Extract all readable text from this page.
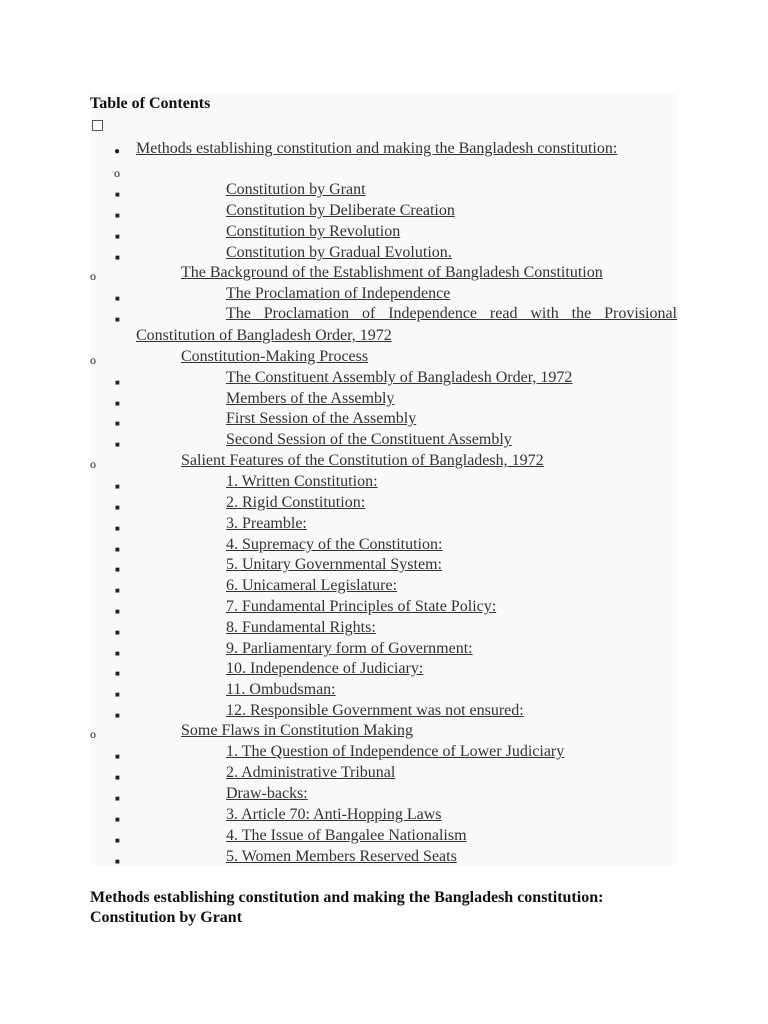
Table of Contents
● Methods establishing constitution and making the Bangladesh constitution:
o
■	Constitution by Grant
■	Constitution by Deliberate Creation
■	Constitution by Revolution
■	Constitution by Gradual Evolution.
o	The Background of the Establishment of Bangladesh Constitution
■	The Proclamation of Independence
■	The Proclamation of Independence read with the Provisional
Constitution of Bangladesh Order, 1972
o	Constitution-Making Process
■	The Constituent Assembly of Bangladesh Order, 1972
■	Members of the Assembly
■	First Session of the Assembly
■	Second Session of the Constituent Assembly
o	Salient Features of the Constitution of Bangladesh, 1972
■	1. Written Constitution:
■	2. Rigid Constitution:
■	3. Preamble:
■	4. Supremacy of the Constitution:
■	5. Unitary Governmental System:
■	6. Unicameral Legislature:
■	7. Fundamental Principles of State Policy:
■	8. Fundamental Rights:
■	9. Parliamentary form of Government:
■	10. Independence of Judiciary:
■	11. Ombudsman:
■	12. Responsible Government was not ensured:
o	Some Flaws in Constitution Making
■	1. The Question of Independence of Lower Judiciary
■	2. Administrative Tribunal
■	Draw-backs:
■	3. Article 70: Anti-Hopping Laws
■	4. The Issue of Bangalee Nationalism
■	5. Women Members Reserved Seats
Methods establishing constitution and making the Bangladesh constitution:
Constitution by Grant
